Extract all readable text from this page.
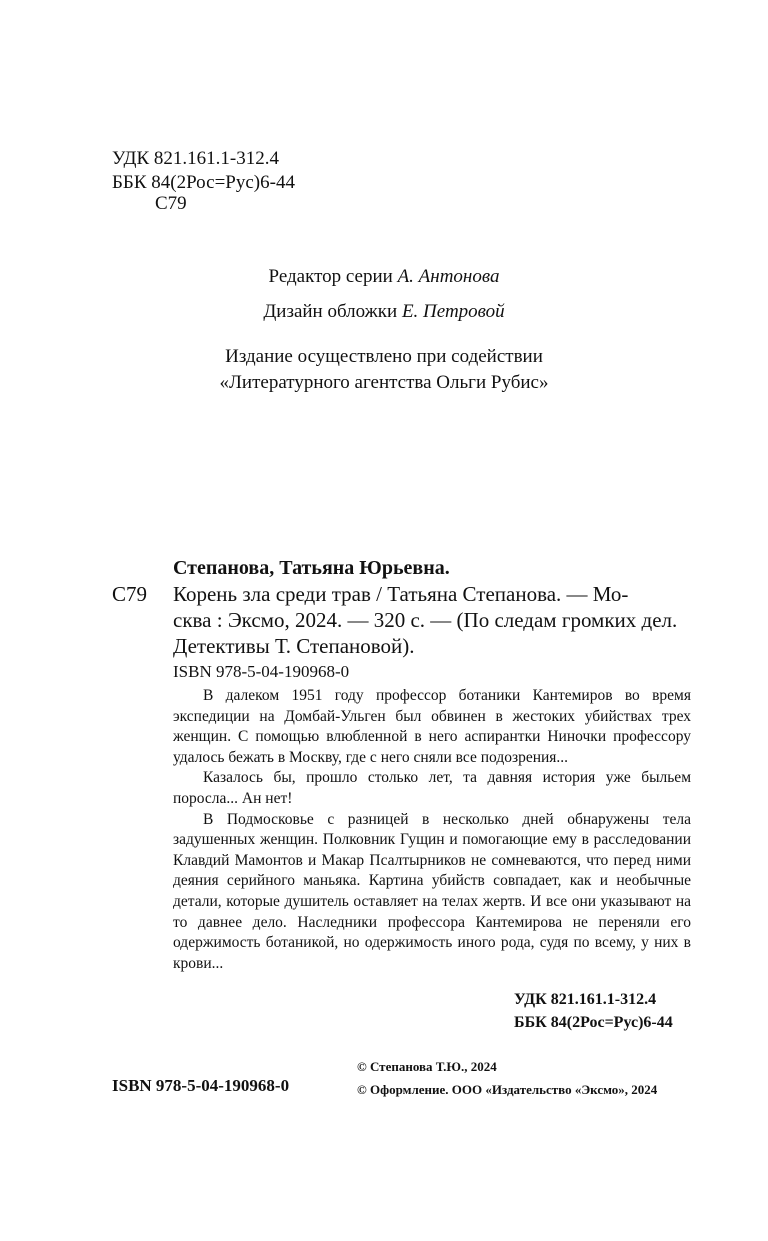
УДК 821.161.1-312.4
ББК 84(2Рос=Рус)6-44
С79
Редактор серии А. Антонова
Дизайн обложки Е. Петровой
Издание осуществлено при содействии
«Литературного агентства Ольги Рубис»
Степанова, Татьяна Юрьевна.
С79 Корень зла среди трав / Татьяна Степанова. — Мо-
сква : Эксмо, 2024. — 320 с. — (По следам громких дел.
Детективы Т. Степановой).
ISBN 978-5-04-190968-0

В далеком 1951 году профессор ботаники Кантемиров во время экспедиции на Домбай-Ульген был обвинен в жестоких убийствах трех женщин. С помощью влюбленной в него аспирантки Ниночки профессору удалось бежать в Москву, где с него сняли все подозрения...

Казалось бы, прошло столько лет, та давняя история уже быльем поросла... Ан нет!

В Подмосковье с разницей в несколько дней обнаружены тела задушенных женщин. Полковник Гущин и помогающие ему в расследовании Клавдий Мамонтов и Макар Псалтырников не сомневаются, что перед ними деяния серийного маньяка. Картина убийств совпадает, как и необычные детали, которые душитель оставляет на телах жертв. И все они указывают на то давнее дело. Наследники профессора Кантемирова не переняли его одержимость ботаникой, но одержимость иного рода, судя по всему, у них в крови...

УДК 821.161.1-312.4
ББК 84(2Рос=Рус)6-44
© Степанова Т.Ю., 2024
© Оформление. ООО «Издательство «Эксмо», 2024
ISBN 978-5-04-190968-0
